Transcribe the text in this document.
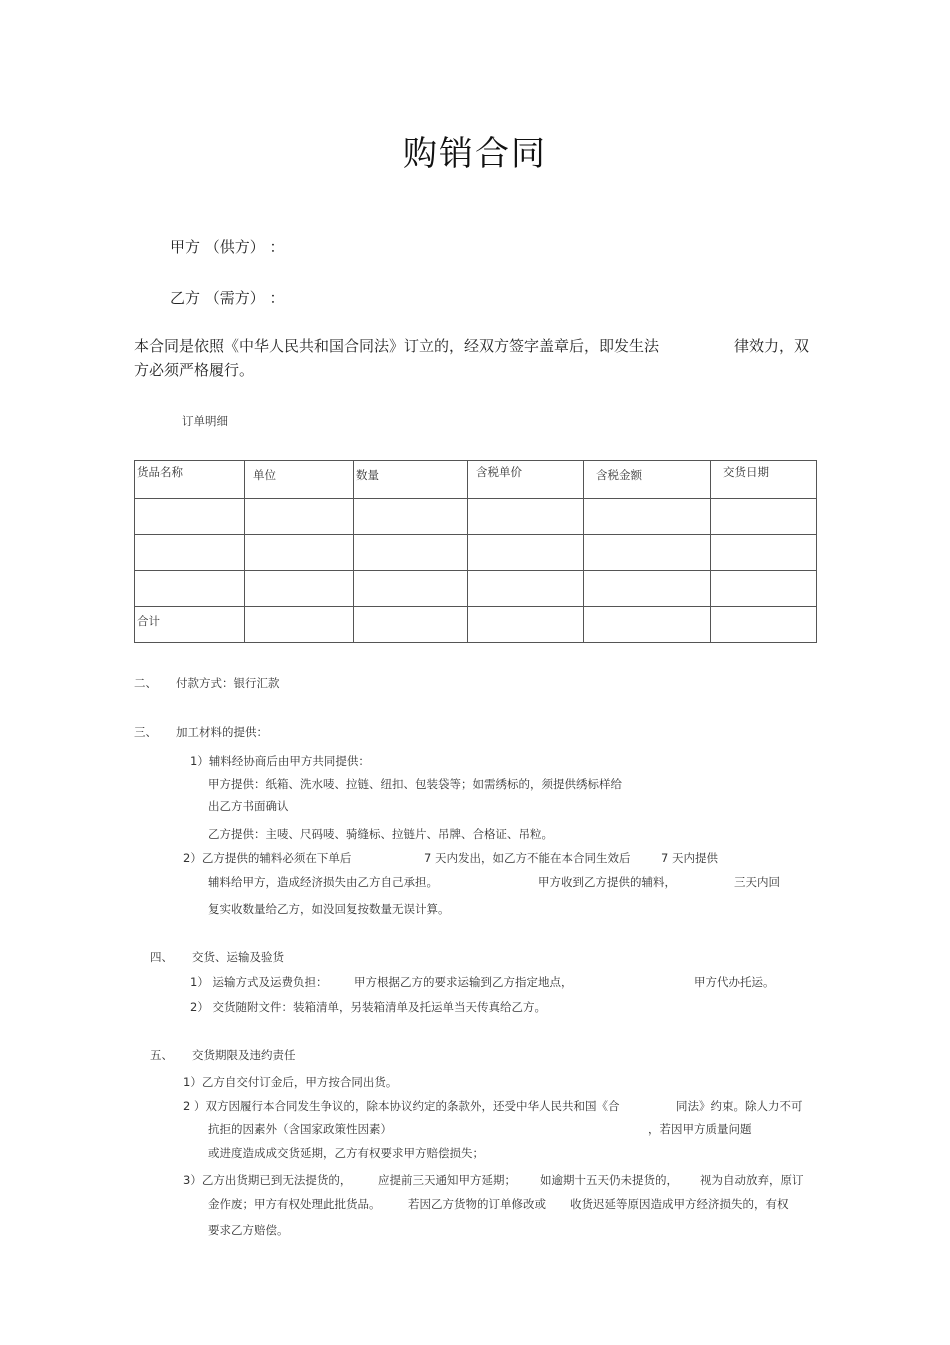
购销合同
甲方 （供方） ：
乙方 （需方） ：
本合同是依照《中华人民共和国合同法》订立的，经双方签字盖章后，即发生法	律效力，双
方必须严格履行。
订单明细
货品名称	单位	数量	含税单价	含税金额	交货日期

合计					

二、 付款方式：银行汇款
三、 加工材料的提供：
1）辅料经协商后由甲方共同提供：
甲方提供：纸箱、洗水唛、拉链、纽扣、包装袋等；如需绣标的，须提供绣标样给
出乙方书面确认
乙方提供：主唛、尺码唛、骑缝标、拉链片、吊牌、合格证、吊粒。
2）乙方提供的辅料必须在下单后	7 天内发出，如乙方不能在本合同生效后	7 天内提供
辅料给甲方，造成经济损失由乙方自己承担。	甲方收到乙方提供的辅料，	三天内回
复实收数量给乙方，如没回复按数量无误计算。
四、 交货、运输及验货
1） 运输方式及运费负担： 甲方根据乙方的要求运输到乙方指定地点，	甲方代办托运。
2） 交货随附文件：装箱清单，另装箱清单及托运单当天传真给乙方。
五、 交货期限及违约责任
1）乙方自交付订金后，甲方按合同出货。
2 ）双方因履行本合同发生争议的，除本协议约定的条款外，还受中华人民共和国《合	同法》约束。除人力不可
抗拒的因素外（含国家政策性因素）	，若因甲方质量问题
或进度造成成交货延期，乙方有权要求甲方赔偿损失；
3）乙方出货期已到无法提货的， 应提前三天通知甲方延期； 如逾期十五天仍未提货的， 视为自动放弃，原订
金作废；甲方有权处理此批货品。 若因乙方货物的订单修改或 收货迟延等原因造成甲方经济损失的，有权
要求乙方赔偿。
